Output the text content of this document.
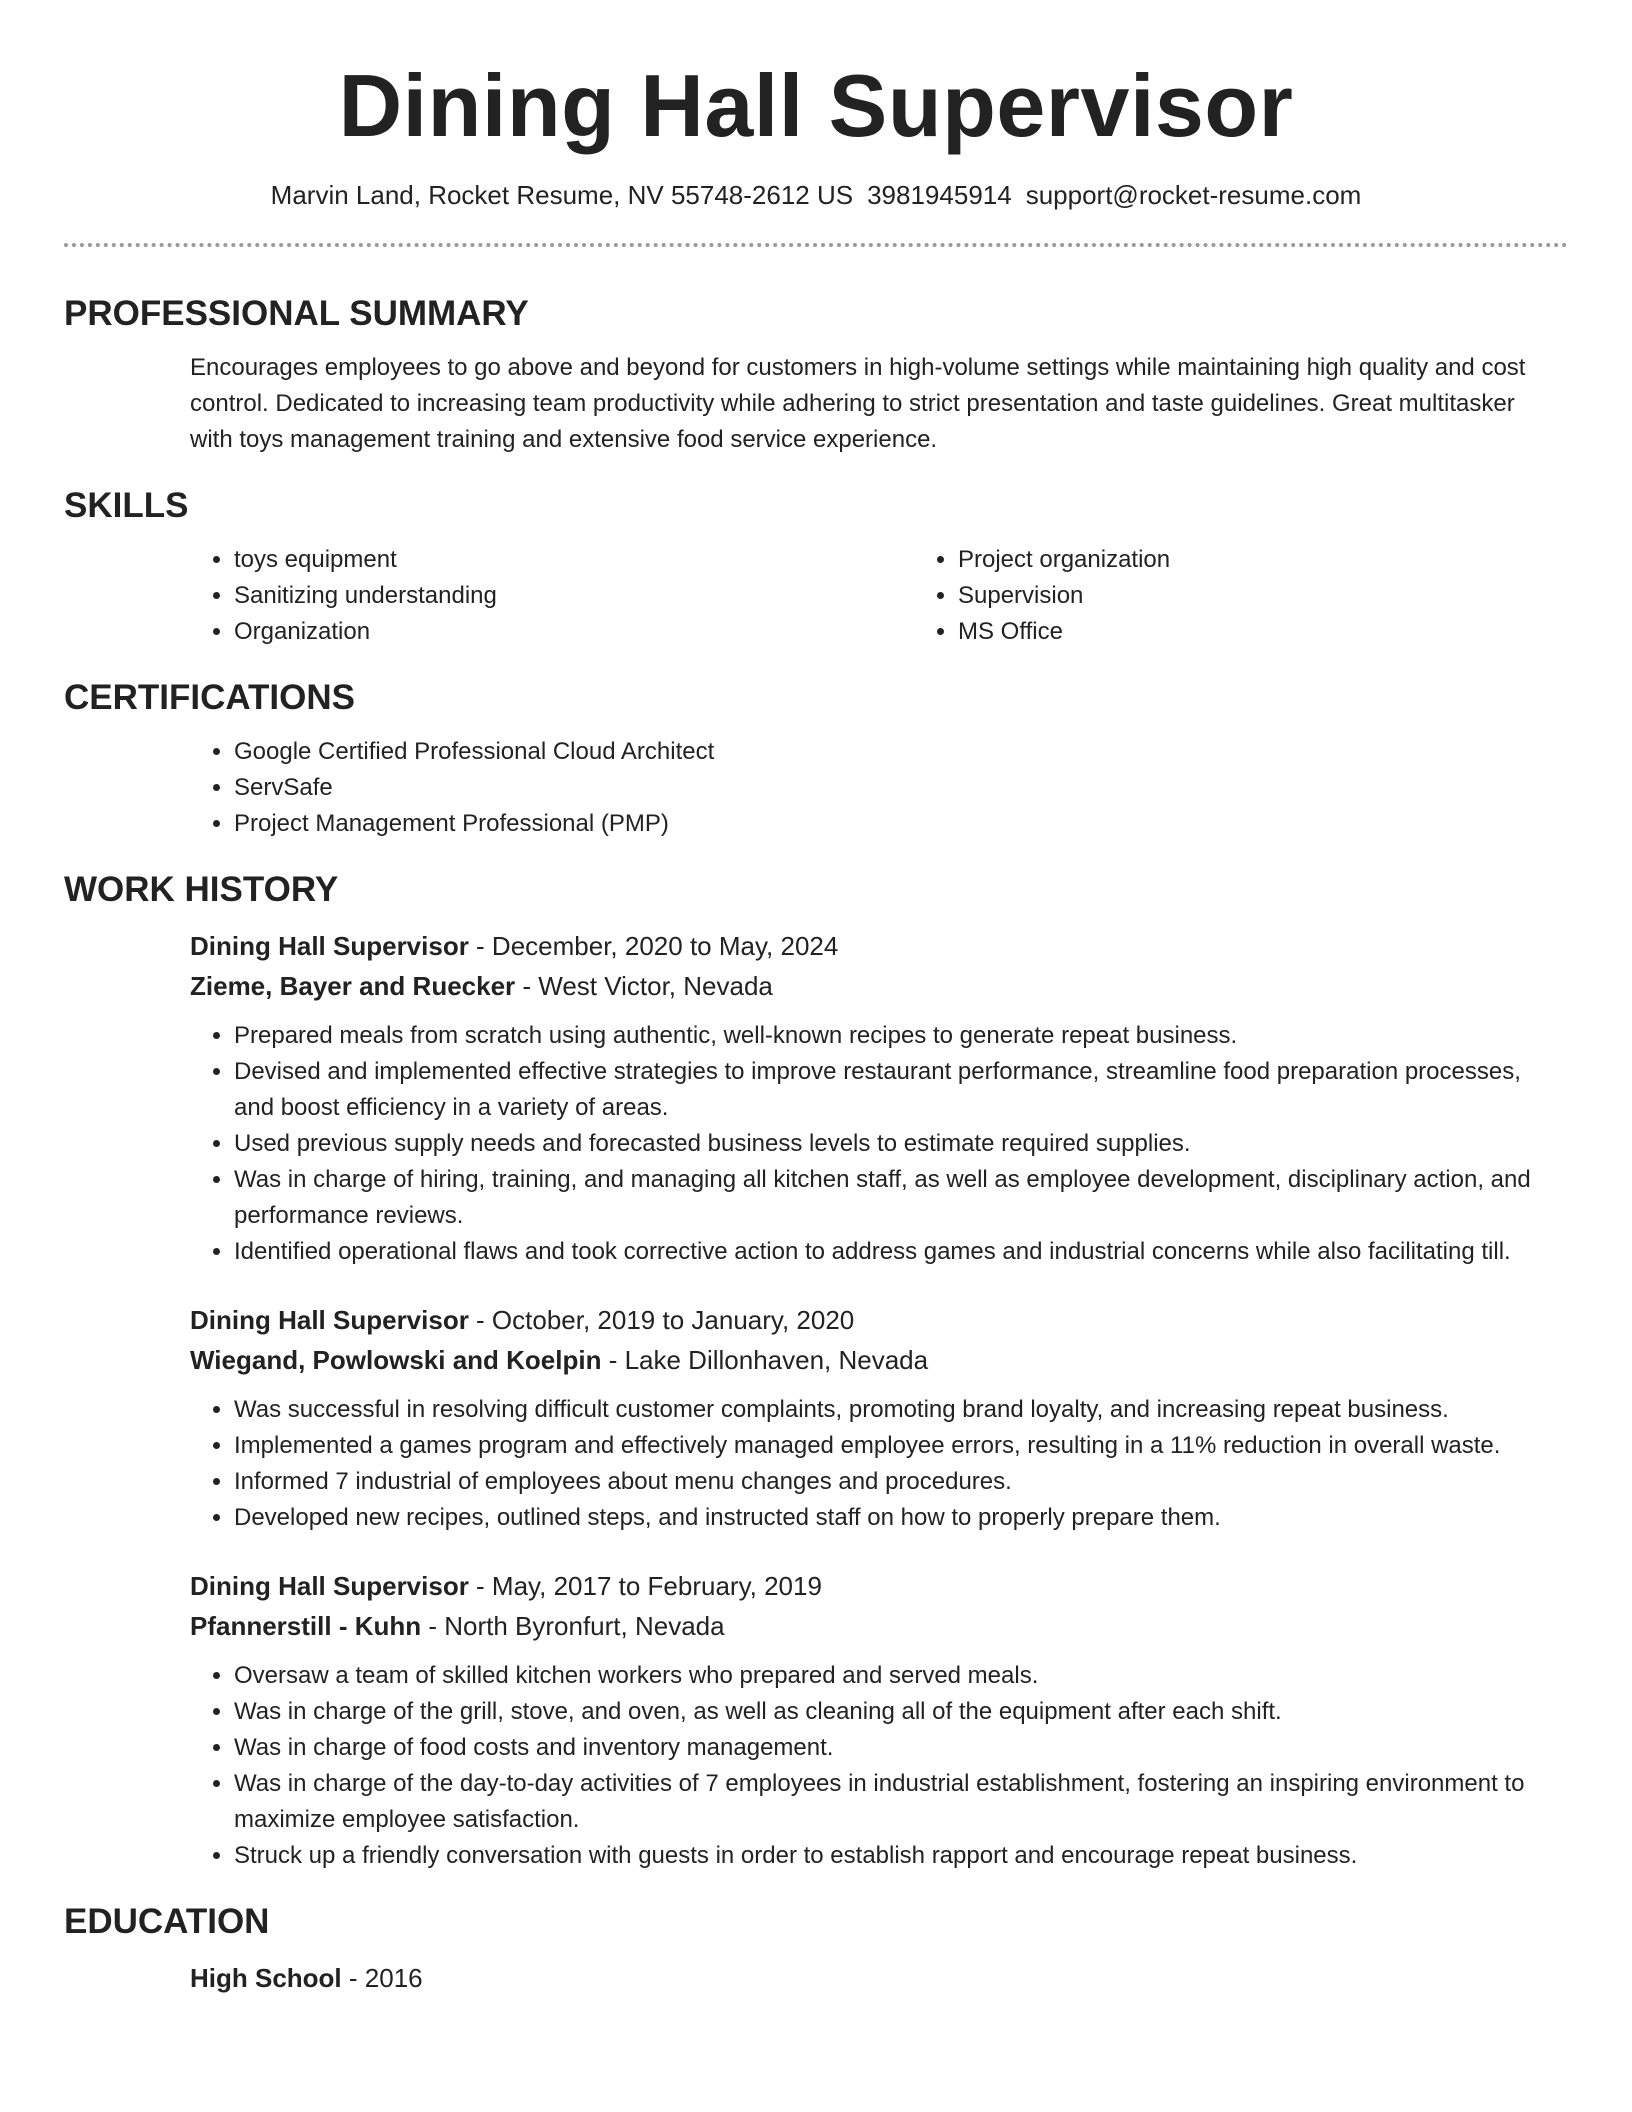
Dining Hall Supervisor
Marvin Land, Rocket Resume, NV 55748-2612 US 3981945914 support@rocket-resume.com
PROFESSIONAL SUMMARY

Encourages employees to go above and beyond for customers in high-volume settings while maintaining high quality and cost control. Dedicated to increasing team productivity while adhering to strict presentation and taste guidelines. Great multitasker with toys management training and extensive food service experience.

SKILLS
• toys equipment
• Sanitizing understanding
• Organization
• Project organization
• Supervision
• MS Office
CERTIFICATIONS
• Google Certified Professional Cloud Architect
• ServSafe
• Project Management Professional (PMP)
WORK HISTORY

Dining Hall Supervisor - December, 2020 to May, 2024

Zieme, Bayer and Ruecker - West Victor, Nevada

• Prepared meals from scratch using authentic, well-known recipes to generate repeat business.
• Devised and implemented effective strategies to improve restaurant performance, streamline food preparation processes, and boost efficiency in a variety of areas.
• Used previous supply needs and forecasted business levels to estimate required supplies.
• Was in charge of hiring, training, and managing all kitchen staff, as well as employee development, disciplinary action, and performance reviews.
• Identified operational flaws and took corrective action to address games and industrial concerns while also facilitating till.

Dining Hall Supervisor - October, 2019 to January, 2020

Wiegand, Powlowski and Koelpin - Lake Dillonhaven, Nevada

• Was successful in resolving difficult customer complaints, promoting brand loyalty, and increasing repeat business.
• Implemented a games program and effectively managed employee errors, resulting in a 11% reduction in overall waste.
• Informed 7 industrial of employees about menu changes and procedures.
• Developed new recipes, outlined steps, and instructed staff on how to properly prepare them.

Dining Hall Supervisor - May, 2017 to February, 2019

Pfannerstill - Kuhn - North Byronfurt, Nevada

• Oversaw a team of skilled kitchen workers who prepared and served meals.
• Was in charge of the grill, stove, and oven, as well as cleaning all of the equipment after each shift.
• Was in charge of food costs and inventory management.
• Was in charge of the day-to-day activities of 7 employees in industrial establishment, fostering an inspiring environment to maximize employee satisfaction.
• Struck up a friendly conversation with guests in order to establish rapport and encourage repeat business.
EDUCATION

High School - 2016
